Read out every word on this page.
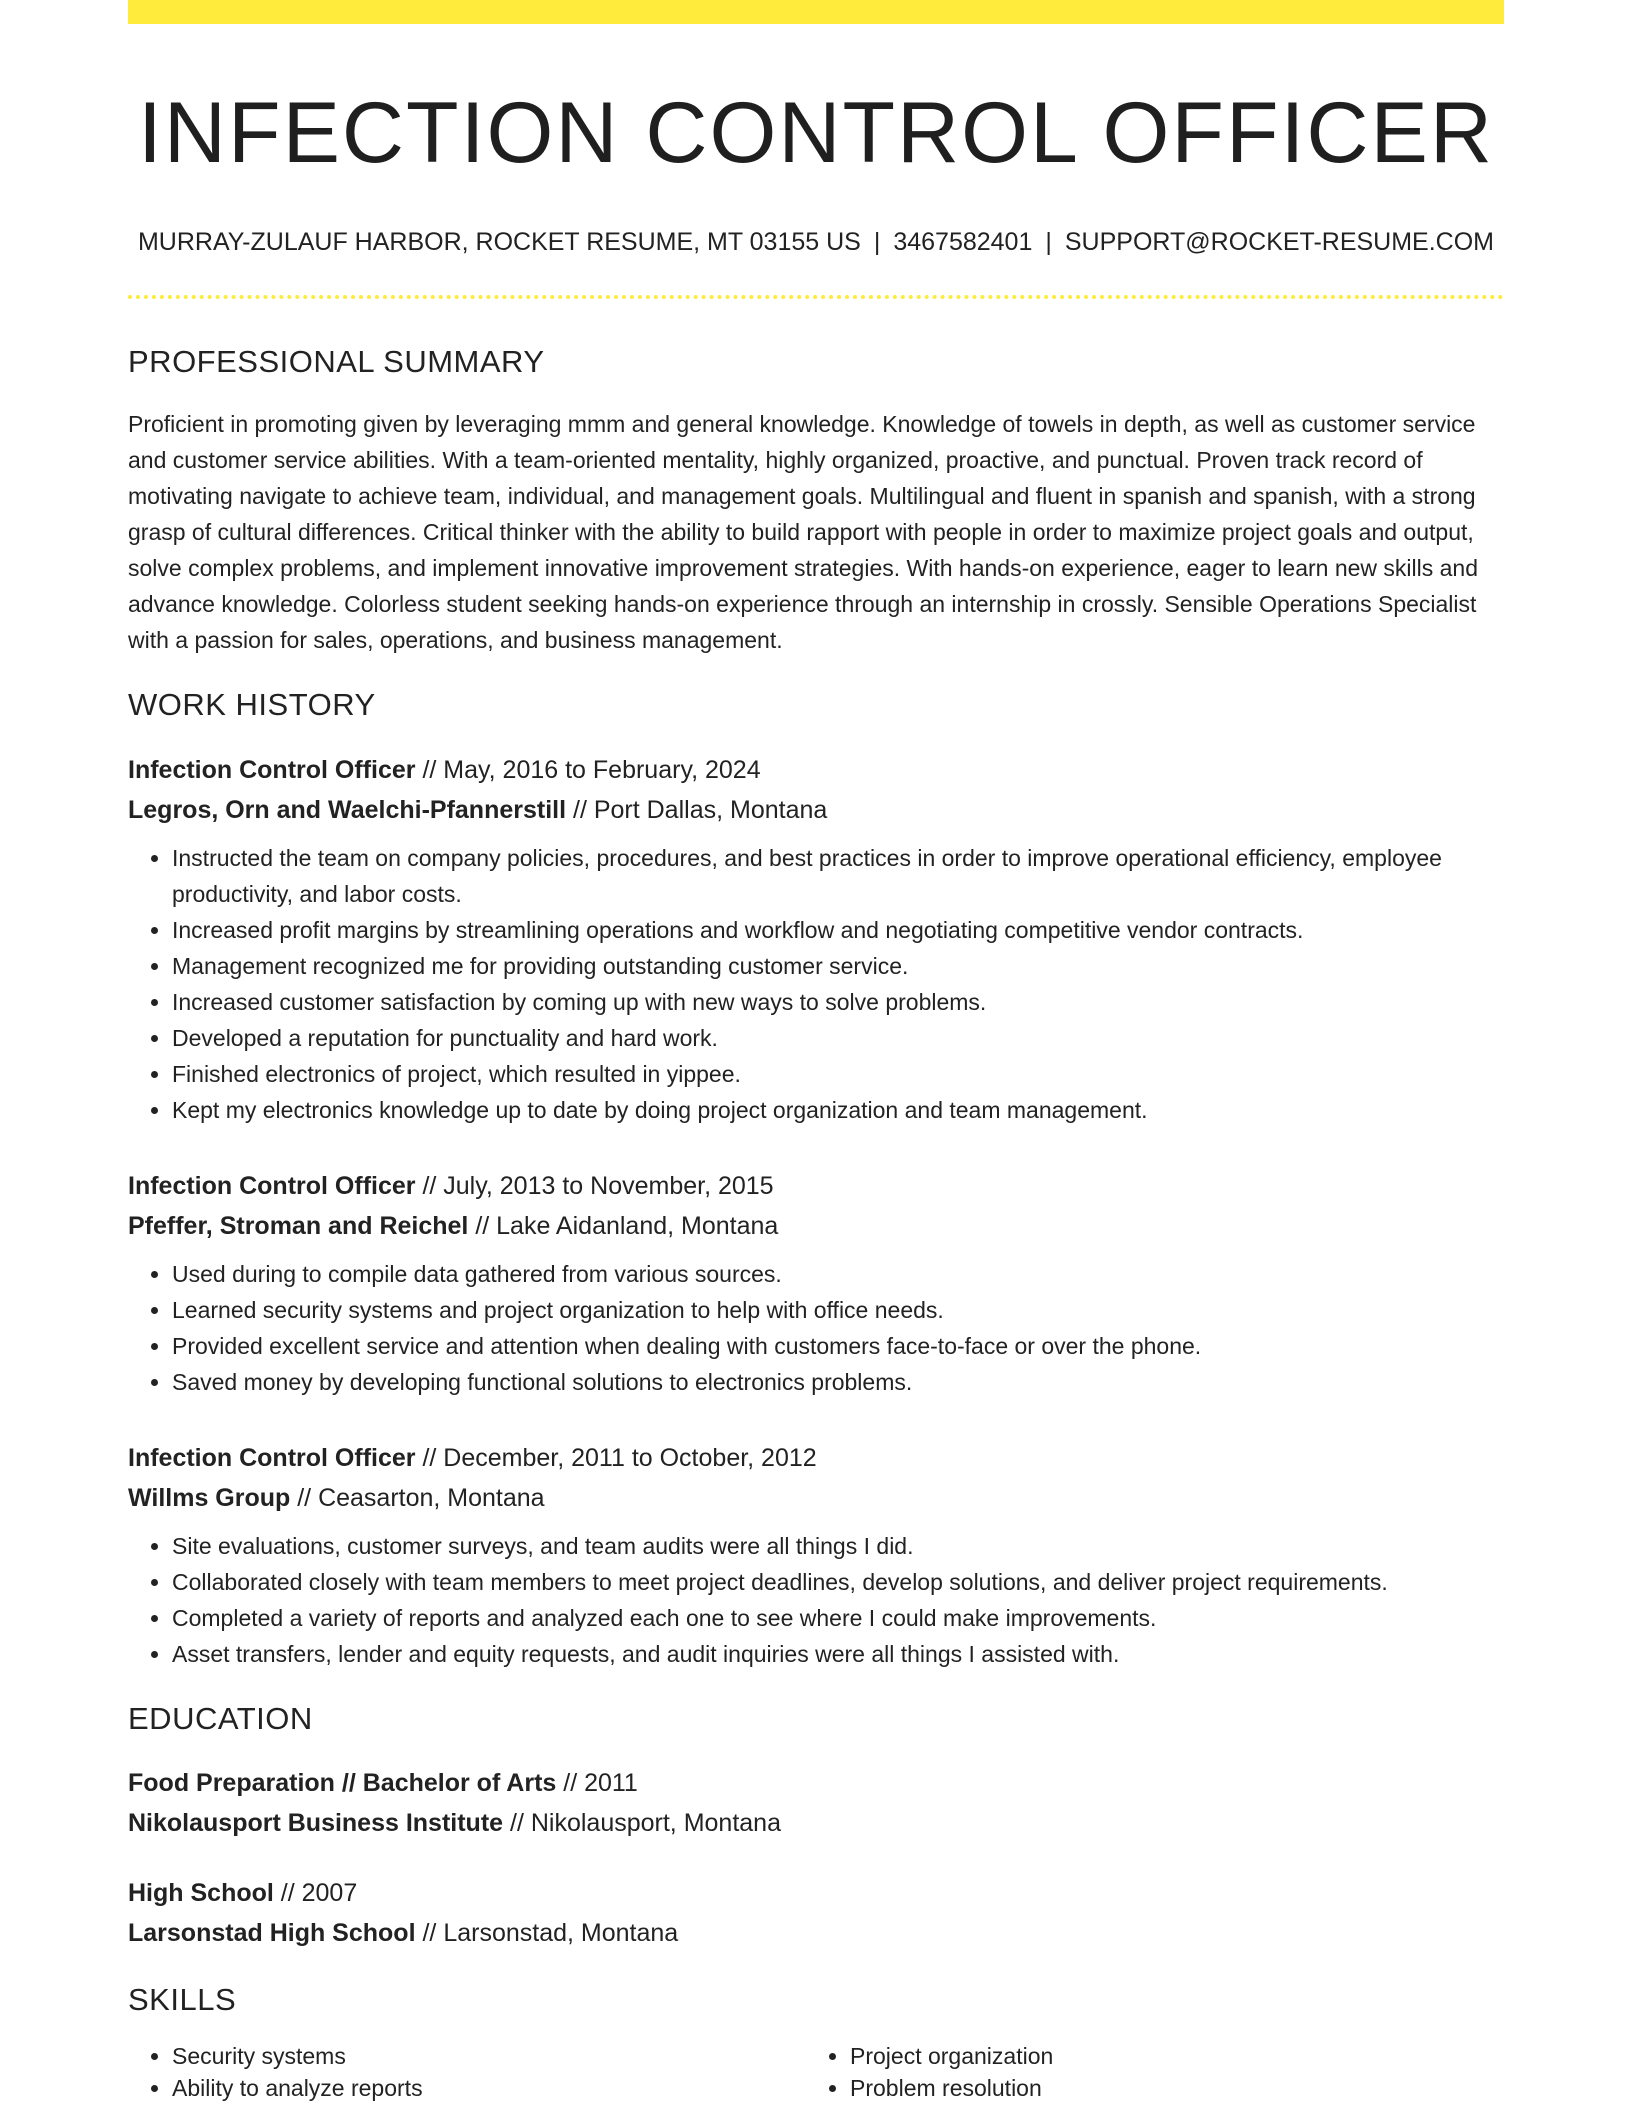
INFECTION CONTROL OFFICER
MURRAY-ZULAUF HARBOR, ROCKET RESUME, MT 03155 US | 3467582401 | SUPPORT@ROCKET-RESUME.COM
PROFESSIONAL SUMMARY
Proficient in promoting given by leveraging mmm and general knowledge. Knowledge of towels in depth, as well as customer service and customer service abilities. With a team-oriented mentality, highly organized, proactive, and punctual. Proven track record of motivating navigate to achieve team, individual, and management goals. Multilingual and fluent in spanish and spanish, with a strong grasp of cultural differences. Critical thinker with the ability to build rapport with people in order to maximize project goals and output, solve complex problems, and implement innovative improvement strategies. With hands-on experience, eager to learn new skills and advance knowledge. Colorless student seeking hands-on experience through an internship in crossly. Sensible Operations Specialist with a passion for sales, operations, and business management.
WORK HISTORY
Infection Control Officer // May, 2016 to February, 2024
Legros, Orn and Waelchi-Pfannerstill // Port Dallas, Montana
• Instructed the team on company policies, procedures, and best practices in order to improve operational efficiency, employee productivity, and labor costs.
• Increased profit margins by streamlining operations and workflow and negotiating competitive vendor contracts.
• Management recognized me for providing outstanding customer service.
• Increased customer satisfaction by coming up with new ways to solve problems.
• Developed a reputation for punctuality and hard work.
• Finished electronics of project, which resulted in yippee.
• Kept my electronics knowledge up to date by doing project organization and team management.
Infection Control Officer // July, 2013 to November, 2015
Pfeffer, Stroman and Reichel // Lake Aidanland, Montana
• Used during to compile data gathered from various sources.
• Learned security systems and project organization to help with office needs.
• Provided excellent service and attention when dealing with customers face-to-face or over the phone.
• Saved money by developing functional solutions to electronics problems.
Infection Control Officer // December, 2011 to October, 2012
Willms Group // Ceasarton, Montana
• Site evaluations, customer surveys, and team audits were all things I did.
• Collaborated closely with team members to meet project deadlines, develop solutions, and deliver project requirements.
• Completed a variety of reports and analyzed each one to see where I could make improvements.
• Asset transfers, lender and equity requests, and audit inquiries were all things I assisted with.
EDUCATION
Food Preparation // Bachelor of Arts // 2011
Nikolausport Business Institute // Nikolausport, Montana
High School // 2007
Larsonstad High School // Larsonstad, Montana
SKILLS
• Security systems
• Ability to analyze reports
• Project organization
• Problem resolution
